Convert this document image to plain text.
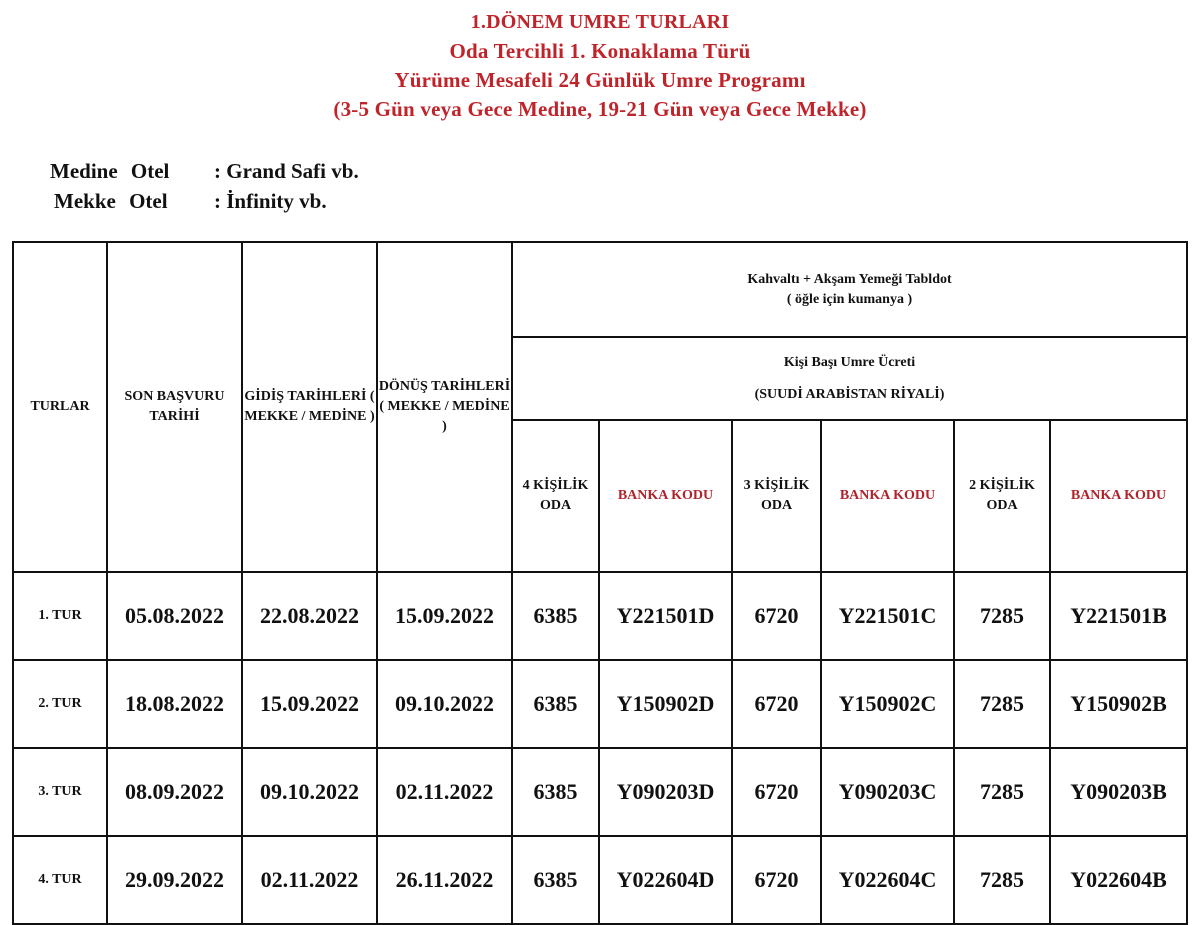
1.DÖNEM UMRE TURLARI
Oda Tercihli 1. Konaklama Türü
Yürüme Mesafeli 24 Günlük Umre Programı
(3-5 Gün veya Gece Medine, 19-21 Gün veya Gece Mekke)
Medine Otel	: Grand Safi vb.
Mekke Otel	: İnfinity vb.
TURLAR	SON BAŞVURU TARİHİ	GİDİŞ TARİHLERİ ( MEKKE / MEDİNE )	DÖNÜŞ TARİHLERİ ( MEKKE / MEDİNE )	Kahvaltı + Akşam Yemeği Tabldot
( öğle için kumanya )					

				Kişi Başı Umre Ücreti
(SUUDİ ARABİSTAN RİYALİ)					

				4 KİŞİLİK ODA	BANKA KODU	3 KİŞİLİK ODA	BANKA KODU	2 KİŞİLİK ODA	BANKA KODU
1. TUR	05.08.2022	22.08.2022	15.09.2022	6385	Y221501D	6720	Y221501C	7285	Y221501B
2. TUR	18.08.2022	15.09.2022	09.10.2022	6385	Y150902D	6720	Y150902C	7285	Y150902B
3. TUR	08.09.2022	09.10.2022	02.11.2022	6385	Y090203D	6720	Y090203C	7285	Y090203B
4. TUR	29.09.2022	02.11.2022	26.11.2022	6385	Y022604D	6720	Y022604C	7285	Y022604B
